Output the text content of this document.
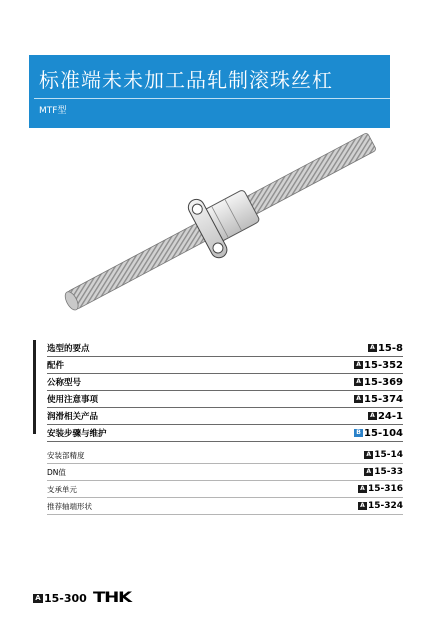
标准端未未加工品轧制滚珠丝杠
MTF型
选型的要点	A 15-8
配件	A 15-352
公称型号	A 15-369
使用注意事项	A 15-374
润滑相关产品	A 24-1
安装步骤与维护	B 15-104
安装部精度	A 15-14
DN值	A 15-33
支承单元	A 15-316
推荐轴端形状	A 15-324
A 15-300 THK
